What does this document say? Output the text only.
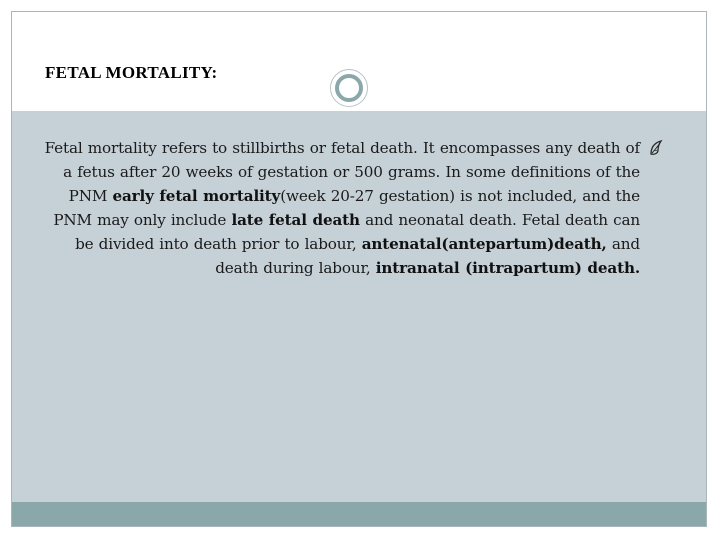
FETAL MORTALITY:

Fetal mortality refers to stillbirths or fetal death. It encompasses any death of a fetus after 20 weeks of gestation or 500 grams. In some definitions of the PNM early fetal mortality(week 20-27 gestation) is not included, and the PNM may only include late fetal death and neonatal death. Fetal death can be divided into death prior to labour, antenatal(antepartum)death, and death during labour, intranatal (intrapartum) death.
